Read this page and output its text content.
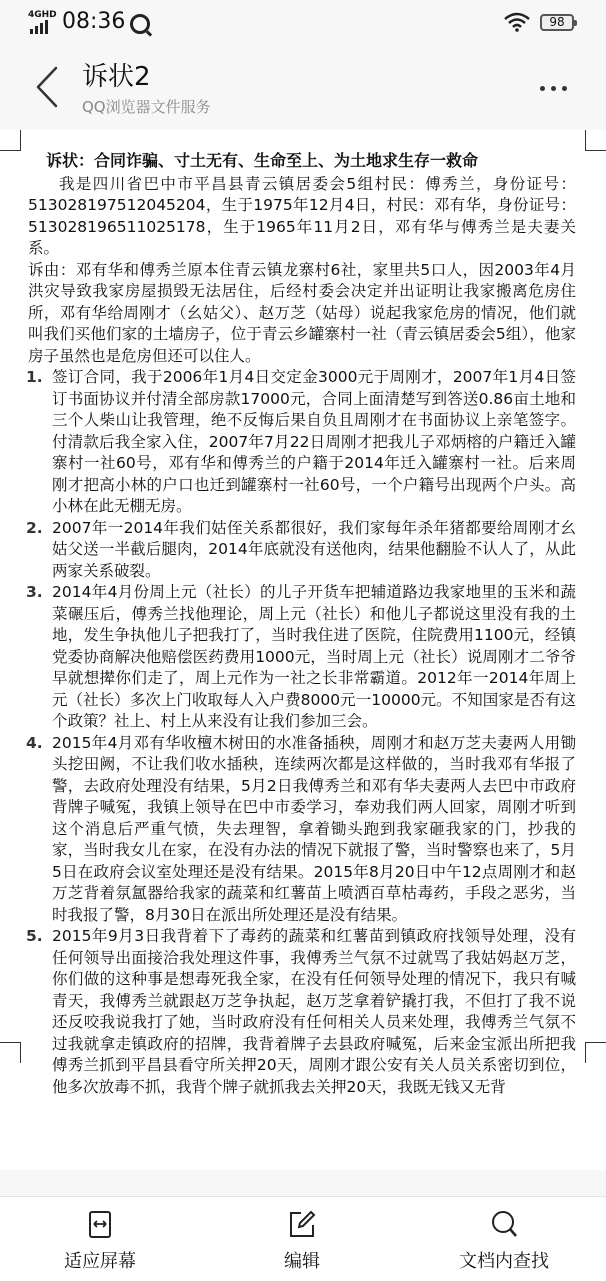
4GHD 08:36	98
诉状2
QQ浏览器文件服务
诉状：合同诈骗、寸土无有、生命至上、为土地求生存一救命
我是四川省巴中市平昌县青云镇居委会5组村民：傅秀兰，身份证号：513028197512045204，生于1975年12月4日，村民：邓有华，身份证号：513028196511025178，生于1965年11月2日，邓有华与傅秀兰是夫妻关系。
诉由：邓有华和傅秀兰原本住青云镇龙寨村6社，家里共5口人，因2003年4月洪灾导致我家房屋损毁无法居住，后经村委会决定并出证明让我家搬离危房住所，邓有华给周刚才（幺姑父）、赵万芝（姑母）说起我家危房的情况，他们就叫我们买他们家的土墙房子，位于青云乡罐寨村一社（青云镇居委会5组），他家房子虽然也是危房但还可以住人。
1. 签订合同，我于2006年1月4日交定金3000元于周刚才，2007年1月4日签订书面协议并付清全部房款17000元，合同上面清楚写到答送0.86亩土地和三个人柴山让我管理，绝不反悔后果自负且周刚才在书面协议上亲笔签字。付清款后我全家入住，2007年7月22日周刚才把我儿子邓炳榕的户籍迁入罐寨村一社60号，邓有华和傅秀兰的户籍于2014年迁入罐寨村一社。后来周刚才把高小林的户口也迁到罐寨村一社60号，一个户籍号出现两个户头。高小林在此无棚无房。
2. 2007年一2014年我们姑侄关系都很好，我们家每年杀年猪都要给周刚才幺姑父送一半截后腿肉，2014年底就没有送他肉，结果他翻脸不认人了，从此两家关系破裂。
3. 2014年4月份周上元（社长）的儿子开货车把辅道路边我家地里的玉米和蔬菜碾压后，傅秀兰找他理论，周上元（社长）和他儿子都说这里没有我的土地，发生争执他儿子把我打了，当时我住进了医院，住院费用1100元，经镇党委协商解决他赔偿医药费用1000元，当时周上元（社长）说周刚才二爷爷早就想撵你们走了，周上元作为一社之长非常霸道。2012年一2014年周上元（社长）多次上门收取每人入户费8000元一10000元。不知国家是否有这个政策？社上、村上从来没有让我们参加三会。
4. 2015年4月邓有华收檀木树田的水准备插秧，周刚才和赵万芝夫妻两人用锄头挖田阙，不让我们收水插秧，连续两次都是这样做的，当时我邓有华报了警，去政府处理没有结果，5月2日我傅秀兰和邓有华夫妻两人去巴中市政府背牌子喊冤，我镇上领导在巴中市委学习，奉劝我们两人回家，周刚才听到这个消息后严重气愤，失去理智，拿着锄头跑到我家砸我家的门，抄我的家，当时我女儿在家，在没有办法的情况下就报了警，当时警察也来了，5月5日在政府会议室处理还是没有结果。2015年8月20日中午12点周刚才和赵万芝背着氛氲器给我家的蔬菜和红薯苗上喷洒百草枯毒药，手段之恶劣，当时我报了警，8月30日在派出所处理还是没有结果。
5. 2015年9月3日我背着下了毒药的蔬菜和红薯苗到镇政府找领导处理，没有任何领导出面接洽我处理这件事，我傅秀兰气氛不过就骂了我姑妈赵万芝，你们做的这种事是想毒死我全家，在没有任何领导处理的情况下，我只有喊青天，我傅秀兰就跟赵万芝争执起，赵万芝拿着铲撬打我，不但打了我不说还反咬我说我打了她，当时政府没有任何相关人员来处理，我傅秀兰气氛不过我就拿走镇政府的招牌，我背着牌子去县政府喊冤，后来金宝派出所把我傅秀兰抓到平昌县看守所关押20天，周刚才跟公安有关人员关系密切到位，他多次放毒不抓，我背个牌子就抓我去关押20天，我既无钱又无背
适应屏幕	编辑	文档内查找
